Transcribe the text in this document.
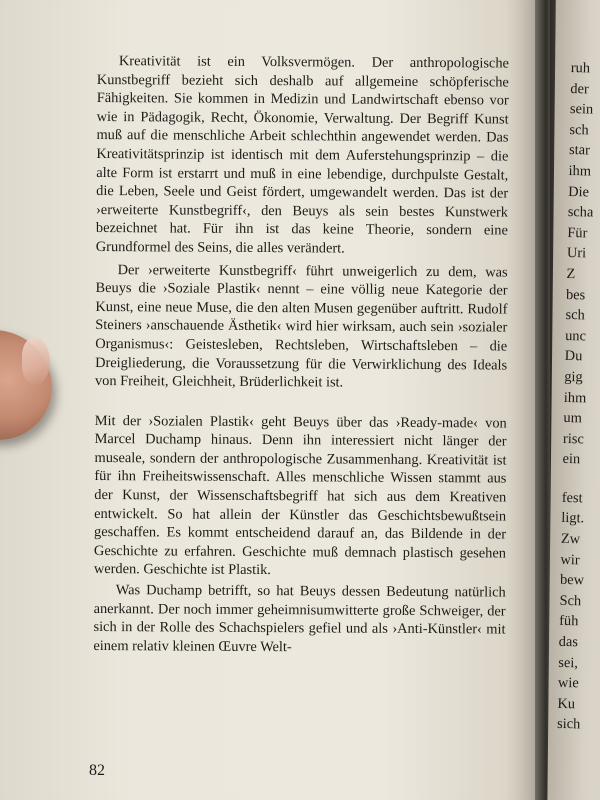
Kreativität ist ein Volksvermögen. Der anthropologische Kunstbegriff bezieht sich deshalb auf allgemeine schöpferische Fähigkeiten. Sie kommen in Medizin und Landwirtschaft ebenso vor wie in Pädagogik, Recht, Ökonomie, Verwaltung. Der Begriff Kunst muß auf die menschliche Arbeit schlechthin angewendet werden. Das Kreativitätsprinzip ist identisch mit dem Auferstehungsprinzip – die alte Form ist erstarrt und muß in eine lebendige, durchpulste Gestalt, die Leben, Seele und Geist fördert, umgewandelt werden. Das ist der ›erweiterte Kunstbegriff‹, den Beuys als sein bestes Kunstwerk bezeichnet hat. Für ihn ist das keine Theorie, sondern eine Grundformel des Seins, die alles verändert.

Der ›erweiterte Kunstbegriff‹ führt unweigerlich zu dem, was Beuys die ›Soziale Plastik‹ nennt – eine völlig neue Kategorie der Kunst, eine neue Muse, die den alten Musen gegenüber auftritt. Rudolf Steiners ›anschauende Ästhetik‹ wird hier wirksam, auch sein ›sozialer Organismus‹: Geistesleben, Rechtsleben, Wirtschaftsleben – die Dreigliederung, die Voraussetzung für die Verwirklichung des Ideals von Freiheit, Gleichheit, Brüderlichkeit ist.

Mit der ›Sozialen Plastik‹ geht Beuys über das ›Ready-made‹ von Marcel Duchamp hinaus. Denn ihn interessiert nicht länger der museale, sondern der anthropologische Zusammenhang. Kreativität ist für ihn Freiheitswissenschaft. Alles menschliche Wissen stammt aus der Kunst, der Wissenschaftsbegriff hat sich aus dem Kreativen entwickelt. So hat allein der Künstler das Geschichtsbewußtsein geschaffen. Es kommt entscheidend darauf an, das Bildende in der Geschichte zu erfahren. Geschichte muß demnach plastisch gesehen werden. Geschichte ist Plastik.

Was Duchamp betrifft, so hat Beuys dessen Bedeutung natürlich anerkannt. Der noch immer geheimnisumwitterte große Schweiger, der sich in der Rolle des Schachspielers gefiel und als ›Anti-Künstler‹ mit einem relativ kleinen Œuvre Welt-

82
ruh
der
sein
sch
star
ihm
Die
scha
Für
Uri
Z
bes
sch
unc
Du
gig
ihm
um
risc
ein
fest
ligt.
Zw
wir
bew
Sch
füh
das
sei,
wie
Ku
sich
